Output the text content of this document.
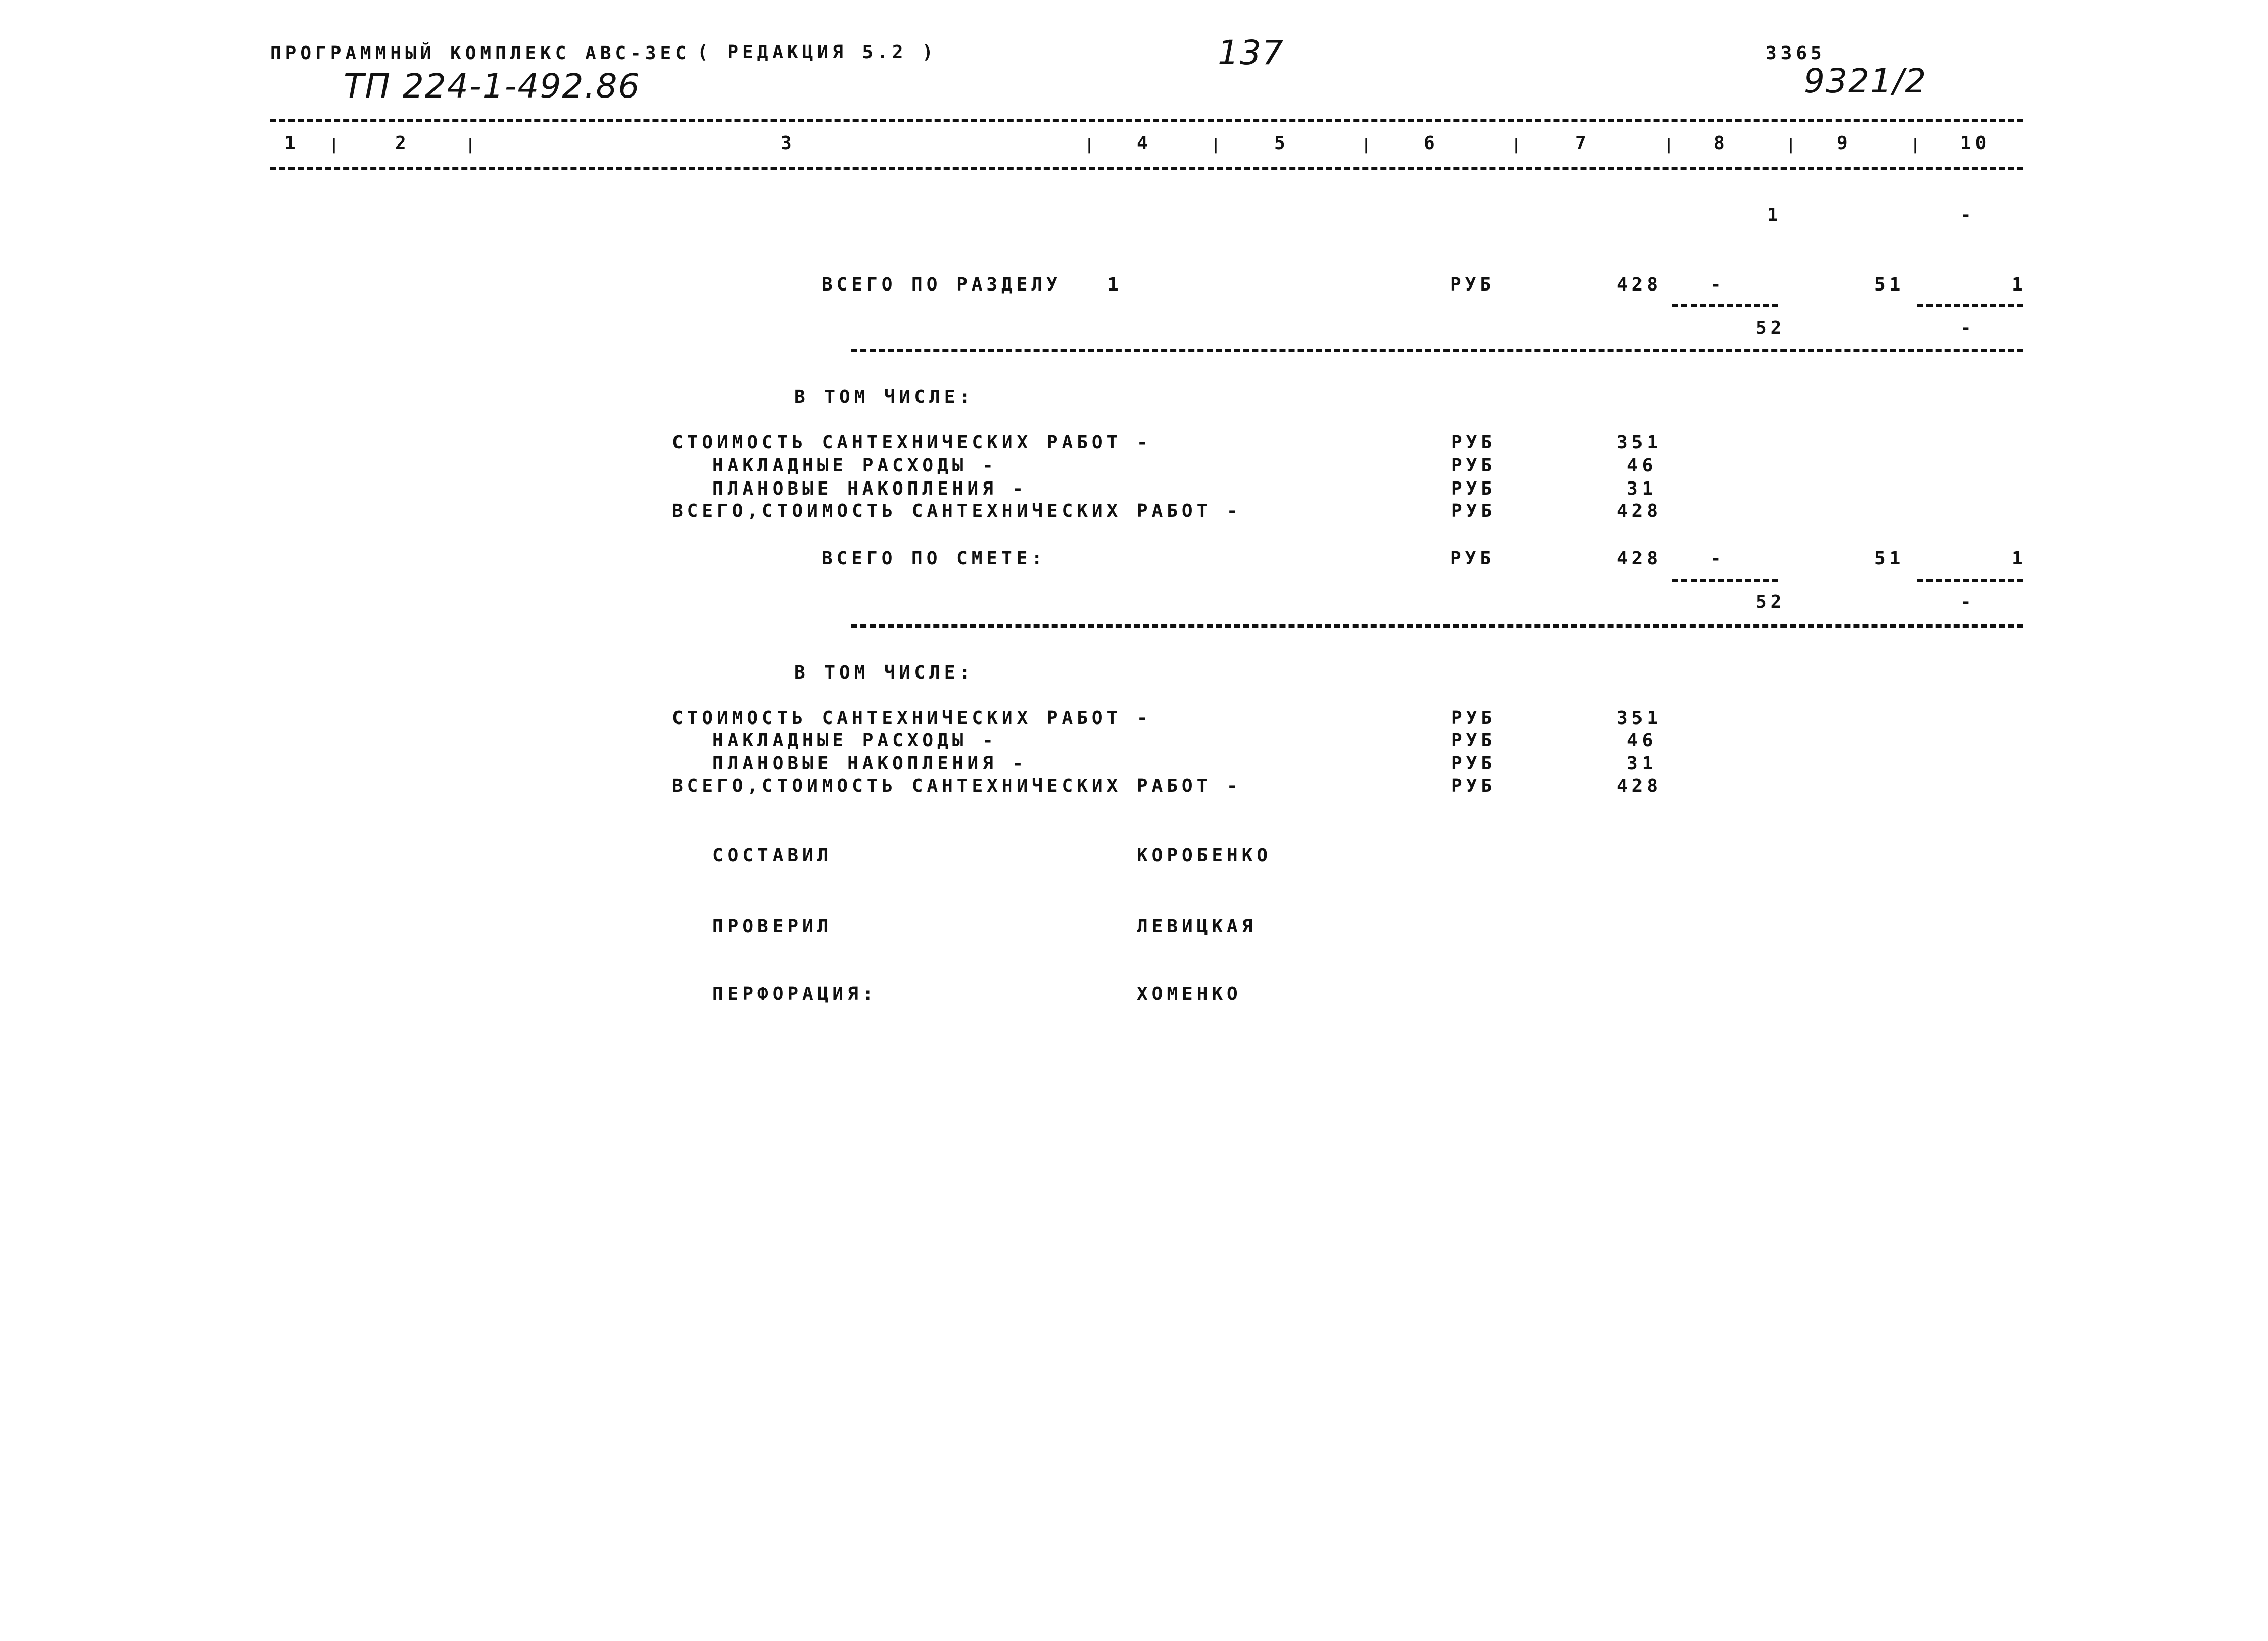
ПРОГРАММНЫЙ КОМПЛЕКС АВС-3ЕС ( РЕДАКЦИЯ 5.2 )
ТП 224-1-492.86
137	3365
9321/2
1 |	2	|	3	| 4	|	5	|	6	|	7	| 8	| 9	| 10
1	-
ВСЕГО ПО РАЗДЕЛУ	1	РУБ	428	-	51	1
52	-
В ТОМ ЧИСЛЕ:
СТОИМОСТЬ САНТЕХНИЧЕСКИХ РАБОТ -	РУБ	351
НАКЛАДНЫЕ РАСХОДЫ -	РУБ	46
ПЛАНОВЫЕ НАКОПЛЕНИЯ -	РУБ	31
ВСЕГО,СТОИМОСТЬ САНТЕХНИЧЕСКИХ РАБОТ -	РУБ	428
ВСЕГО ПО СМЕТЕ:	РУБ	428	-	51	1
52	-
В ТОМ ЧИСЛЕ:
СТОИМОСТЬ САНТЕХНИЧЕСКИХ РАБОТ -	РУБ	351
НАКЛАДНЫЕ РАСХОДЫ -	РУБ	46
ПЛАНОВЫЕ НАКОПЛЕНИЯ -	РУБ	31
ВСЕГО,СТОИМОСТЬ САНТЕХНИЧЕСКИХ РАБОТ -	РУБ	428
СОСТАВИЛ	КОРОБЕНКО
ПРОВЕРИЛ	ЛЕВИЦКАЯ
ПЕРФОРАЦИЯ:	ХОМЕНКО
